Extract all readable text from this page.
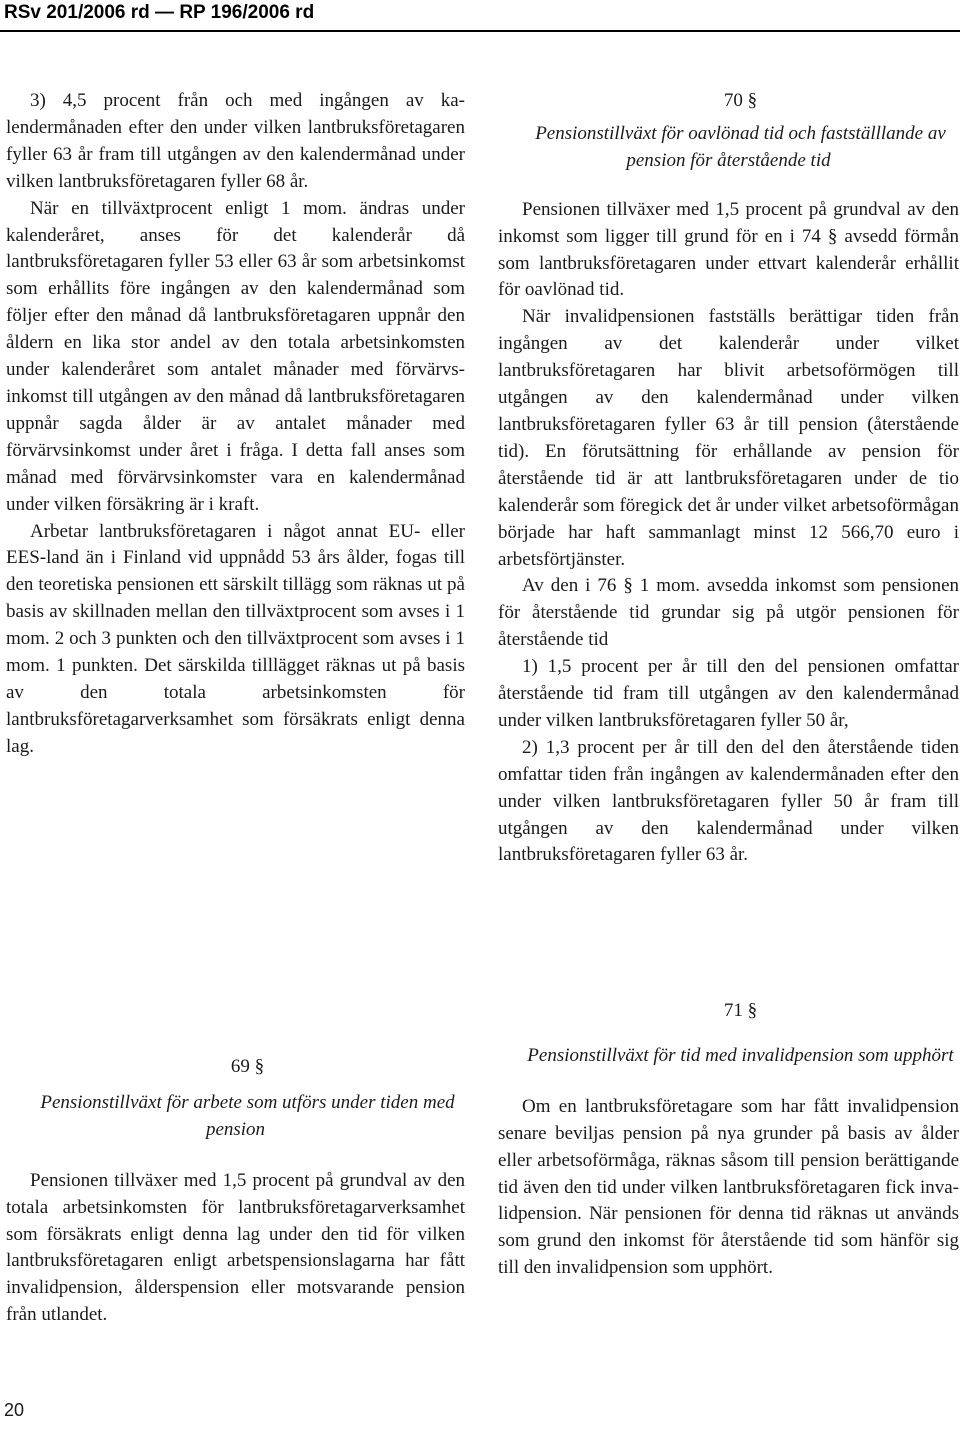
RSv 201/2006 rd — RP 196/2006 rd

3) 4,5 procent från och med ingången av kalendermånaden efter den under vilken lantbruksföretagaren fyller 63 år fram till utgången av den kalendermånad under vilken lantbruksföretagaren fyller 68 år.

När en tillväxtprocent enligt 1 mom. ändras under kalenderåret, anses för det kalenderår då lantbruksföretagaren fyller 53 eller 63 år som arbetsinkomst som erhållits före ingången av den kalendermånad som följer efter den månad då lantbruksföretagaren uppnår den åldern en lika stor andel av den totala arbetsinkomsten under kalenderåret som antalet månader med förvärvsinkomst till utgången av den månad då lantbruksföretagaren uppnår sagda ålder är av antalet månader med förvärvsinkomst under året i fråga. I detta fall anses som månad med förvärvsinkomster vara en kalendermånad under vilken försäkring är i kraft.

Arbetar lantbruksföretagaren i något annat EU- eller EES-land än i Finland vid uppnådd 53 års ålder, fogas till den teoretiska pensionen ett särskilt tillägg som räknas ut på basis av skillnaden mellan den tillväxtprocent som avses i 1 mom. 2 och 3 punkten och den tillväxtprocent som avses i 1 mom. 1 punkten. Det särskilda tilllägget räknas ut på basis av den totala arbetsinkomsten för lantbruksföretagarverksamhet som försäkrats enligt denna lag.

69 §

Pensionstillväxt för arbete som utförs under tiden med pension

Pensionen tillväxer med 1,5 procent på grundval av den totala arbetsinkomsten för lantbruksföretagarverksamhet som försäkrats enligt denna lag under den tid för vilken lantbruksföretagaren enligt arbetspensionslagarna har fått invalidpension, ålderspension eller motsvarande pension från utlandet.

70 §

Pensionstillväxt för oavlönad tid och fastställlande av pension för återstående tid

Pensionen tillväxer med 1,5 procent på grundval av den inkomst som ligger till grund för en i 74 § avsedd förmån som lantbruksföretagaren under ettvart kalenderår erhållit för oavlönad tid.

När invalidpensionen fastställs berättigar tiden från ingången av det kalenderår under vilket lantbruksföretagaren har blivit arbetsoförmögen till utgången av den kalendermånad under vilken lantbruksföretagaren fyller 63 år till pension (återstående tid). En förutsättning för erhållande av pension för återstående tid är att lantbruksföretagaren under de tio kalenderår som föregick det år under vilket arbetsoförmågan började har haft sammanlagt minst 12 566,70 euro i arbetsförtjänster.

Av den i 76 § 1 mom. avsedda inkomst som pensionen för återstående tid grundar sig på utgör pensionen för återstående tid

1) 1,5 procent per år till den del pensionen omfattar återstående tid fram till utgången av den kalendermånad under vilken lantbruksföretagaren fyller 50 år,

2) 1,3 procent per år till den del den återstående tiden omfattar tiden från ingången av kalendermånaden efter den under vilken lantbruksföretagaren fyller 50 år fram till utgången av den kalendermånad under vilken lantbruksföretagaren fyller 63 år.

71 §

Pensionstillväxt för tid med invalidpension som upphört

Om en lantbruksföretagare som har fått invalidpension senare beviljas pension på nya grunder på basis av ålder eller arbetsoförmåga, räknas såsom till pension berättigande tid även den tid under vilken lantbruksföretagaren fick invalidpension. När pensionen för denna tid räknas ut används som grund den inkomst för återstående tid som hänför sig till den invalidpension som upphört.

20
